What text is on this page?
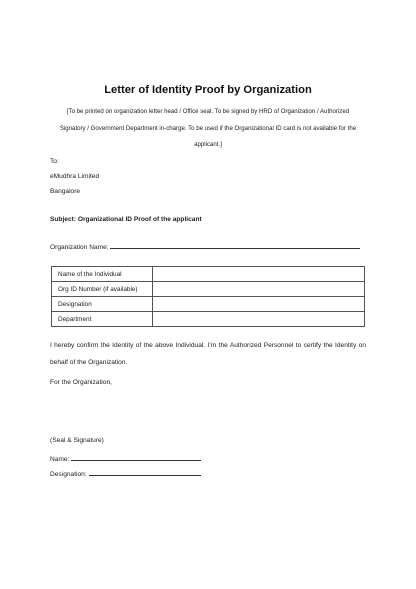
Letter of Identity Proof by Organization
[To be printed on organization letter head / Office seal. To be signed by HRD of Organization / Authorized
Signatory / Government Department in-charge. To be used if the Organizational ID card is not available for the
applicant.]
To:
eMudhra Limited
Bangalore
Subject: Organizational ID Proof of the applicant
Organization Name:
Name of the Individual	
Org ID Number (if available)	
Designation	
Department	
I hereby confirm the Identity of the above Individual. I’m the Authorized Personnel to certify the Identity on behalf of the Organization.
For the Organization,
(Seal & Signature)
Name:
Designation:
